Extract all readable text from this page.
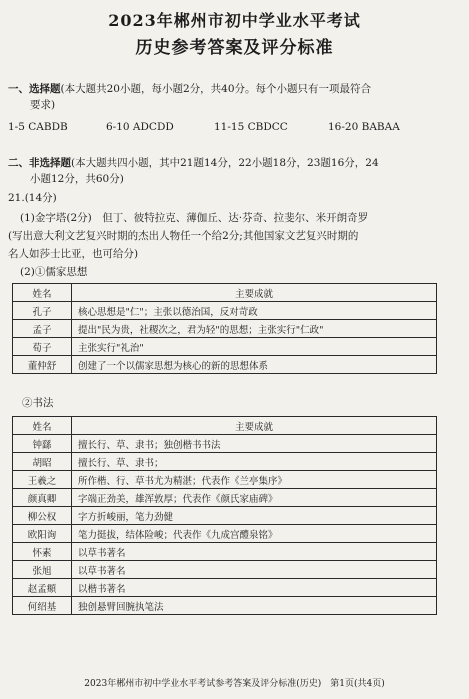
2023年郴州市初中学业水平考试
历史参考答案及评分标准
一、选择题(本大题共20小题，每小题2分，共40分。每个小题只有一项最符合
要求)
1-5 CABDB	6-10 ADCDD	11-15 CBDCC	16-20 BABAA
二、非选择题(本大题共四小题，其中21题14分，22小题18分，23题16分，24
小题12分，共60分)
21.(14分)
(1)金字塔(2分)　但丁、彼特拉克、薄伽丘、达·芬奇、拉斐尔、米开朗奇罗
(写出意大利文艺复兴时期的杰出人物任一个给2分;其他国家文艺复兴时期的
名人如莎士比亚，也可给分)
(2)①儒家思想
姓名	主要成就
孔子	核心思想是"仁"；主张以德治国，反对苛政
孟子	提出"民为贵，社稷次之，君为轻"的思想；主张实行"仁政"
荀子	主张实行"礼治"
董仲舒	创建了一个以儒家思想为核心的新的思想体系
②书法
姓名	主要成就
钟繇	擅长行、草、隶书；独创楷书书法
胡昭	擅长行、草、隶书；
王羲之	所作楷、行、草书尤为精湛；代表作《兰亭集序》
颜真卿	字端正劲美，雄浑敦厚；代表作《颜氏家庙碑》
柳公权	字方折峻丽，笔力劲健
欧阳询	笔力挺拔，结体险峻；代表作《九成宫醴泉铭》
怀素	以草书著名
张旭	以草书著名
赵孟頫	以楷书著名
何绍基	独创悬臂回腕执笔法
2023年郴州市初中学业水平考试参考答案及评分标准(历史)　第1页(共4页)
